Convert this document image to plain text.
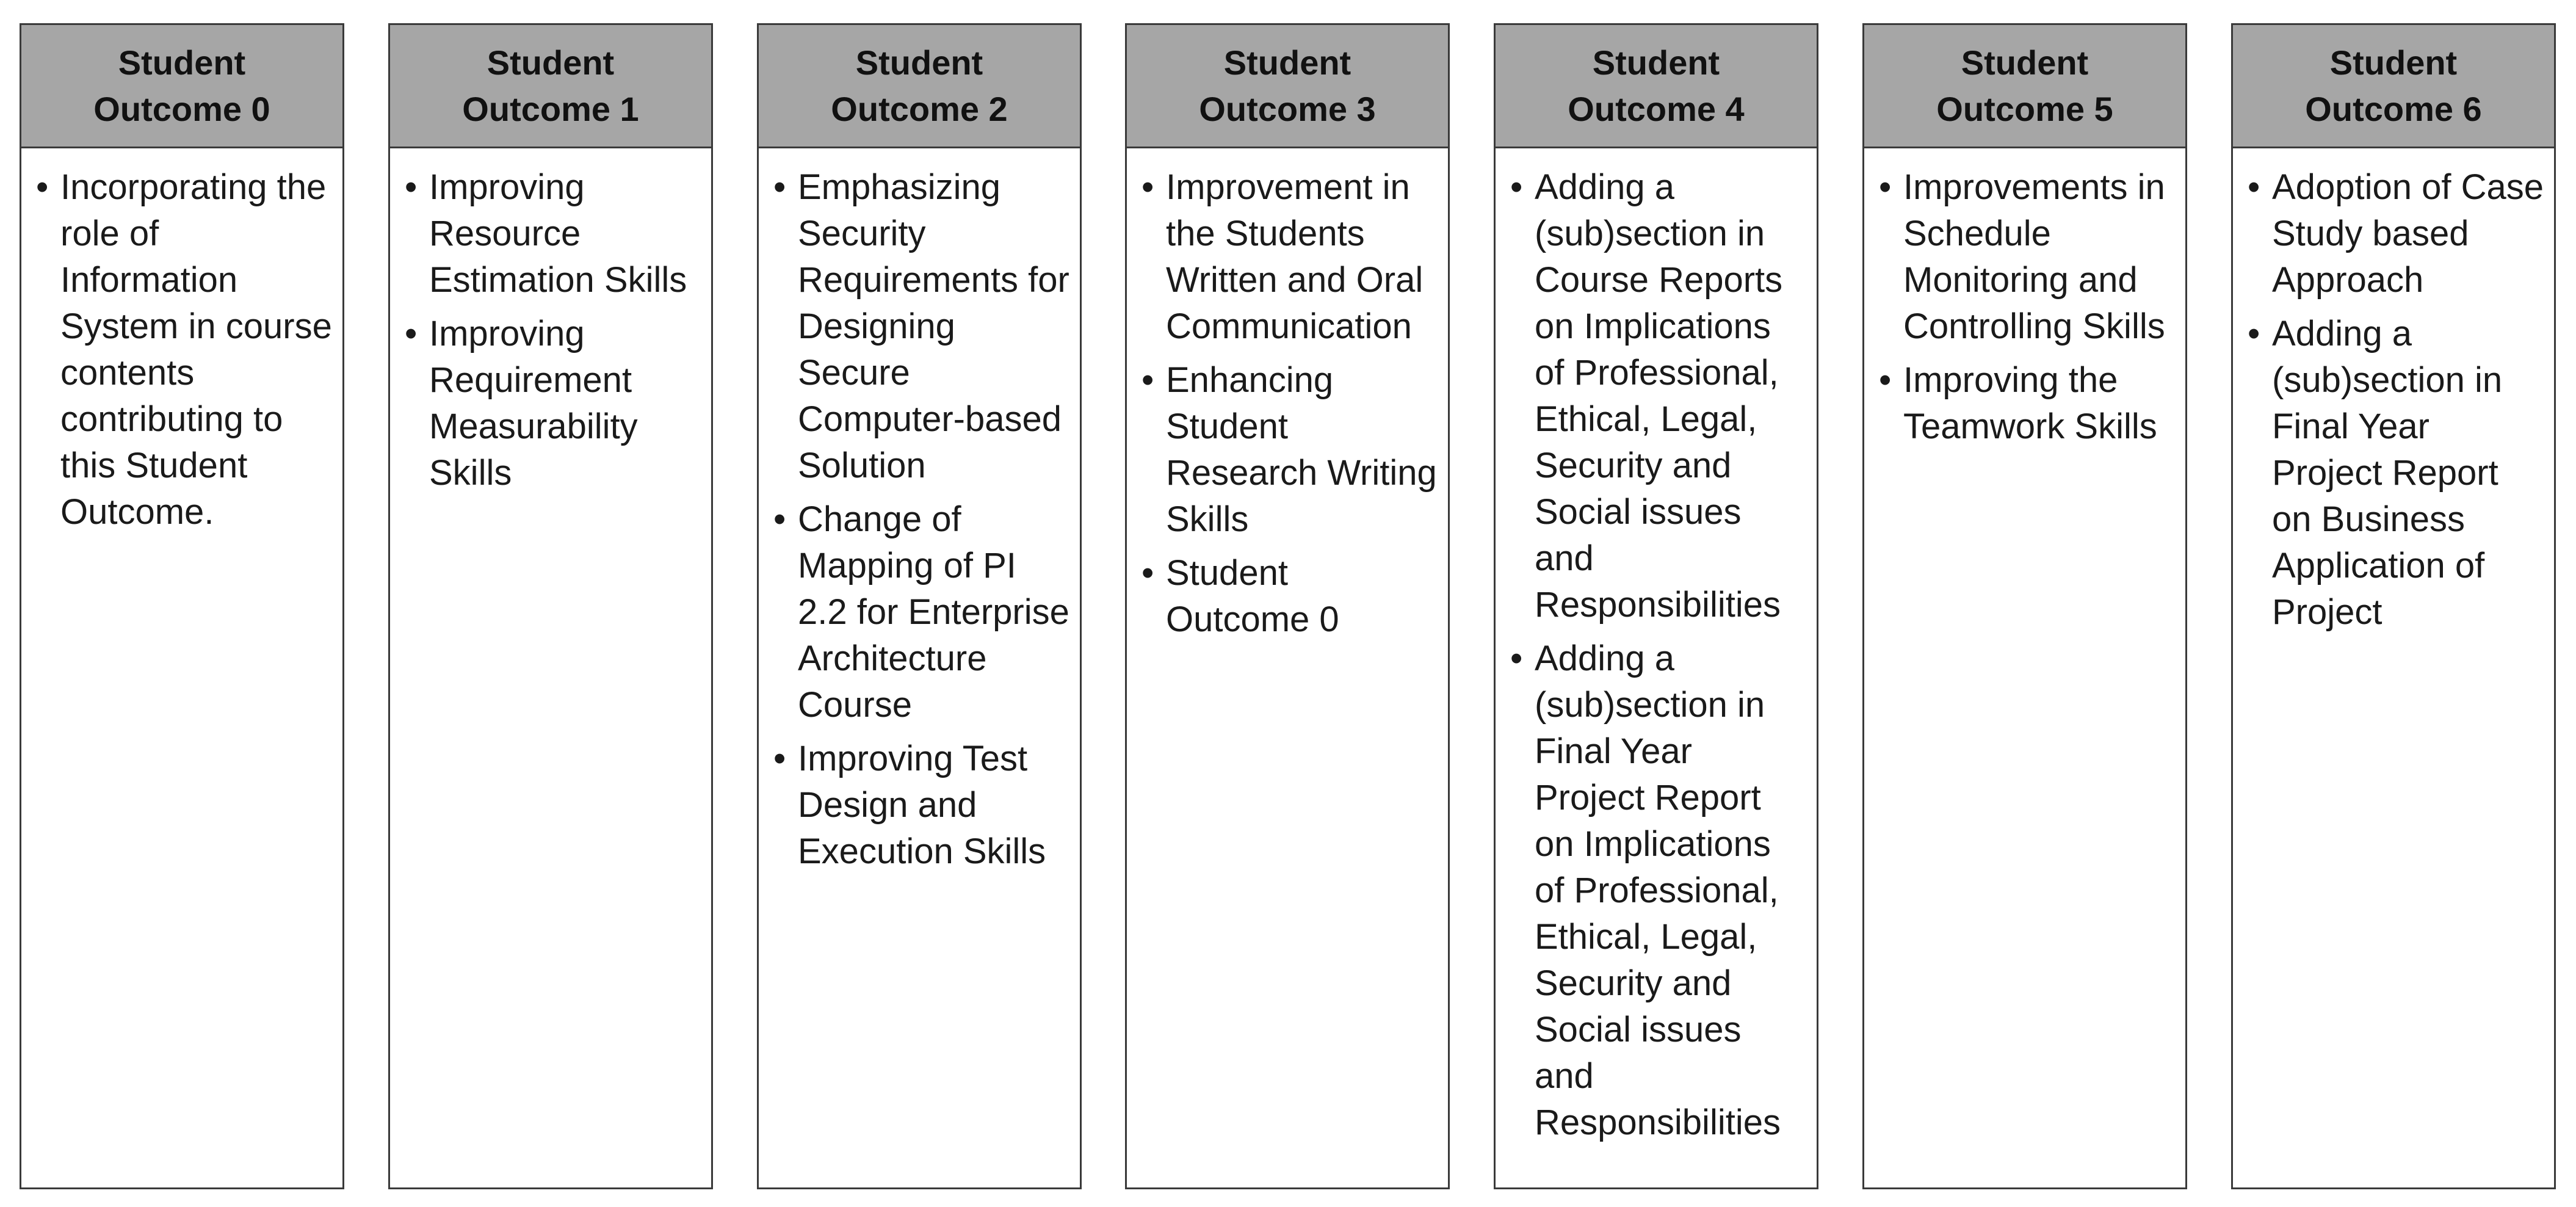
Student
Outcome 0
• Incorporating the role of Information System in course contents contributing to this Student Outcome.
Student
Outcome 1
• Improving Resource Estimation Skills
• Improving Requirement Measurability Skills
Student
Outcome 2
• Emphasizing Security Requirements for Designing Secure Computer-based Solution
• Change of Mapping of PI 2.2 for Enterprise Architecture Course
• Improving Test Design and Execution Skills
Student
Outcome 3
• Improvement in the Students Written and Oral Communication
• Enhancing Student Research Writing Skills
• Student Outcome 0
Student
Outcome 4
• Adding a (sub)section in Course Reports on Implications of Professional, Ethical, Legal, Security and Social issues and Responsibilities
• Adding a (sub)section in Final Year Project Report on Implications of Professional, Ethical, Legal, Security and Social issues and Responsibilities
Student
Outcome 5
• Improvements in Schedule Monitoring and Controlling Skills
• Improving the Teamwork Skills
Student
Outcome 6
• Adoption of Case Study based Approach
• Adding a (sub)section in Final Year Project Report on Business Application of Project
